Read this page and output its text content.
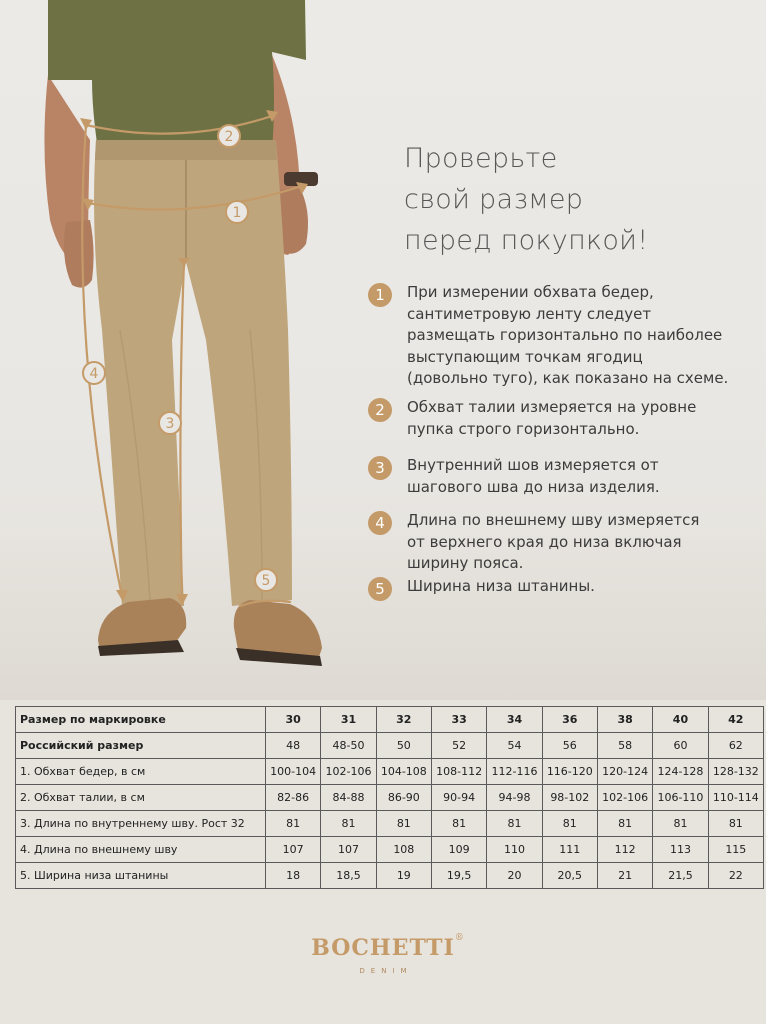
1
2
3
4
5
Проверьте
свой размер
перед покупкой!
1	При измерении обхвата бедер,
сантиметровую ленту следует
размещать горизонтально по наиболее
выступающим точкам ягодиц
(довольно туго), как показано на схеме.
2	Обхват талии измеряется на уровне
пупка строго горизонтально.
3	Внутренний шов измеряется от
шагового шва до низа изделия.
4	Длина по внешнему шву измеряется
от верхнего края до низа включая
ширину пояса.
5	Ширина низа штанины.
Размер по маркировке	30	31	32	33	34	36	38	40	42
Российский размер	48	48-50	50	52	54	56	58	60	62
1. Обхват бедер, в см	100-104	102-106	104-108	108-112	112-116	116-120	120-124	124-128	128-132
2. Обхват талии, в см	82-86	84-88	86-90	90-94	94-98	98-102	102-106	106-110	110-114
3. Длина по внутреннему шву. Рост 32	81	81	81	81	81	81	81	81	81
4. Длина по внешнему шву	107	107	108	109	110	111	112	113	115
5. Ширина низа штанины	18	18,5	19	19,5	20	20,5	21	21,5	22
BOCHETTI ®
DENIM
